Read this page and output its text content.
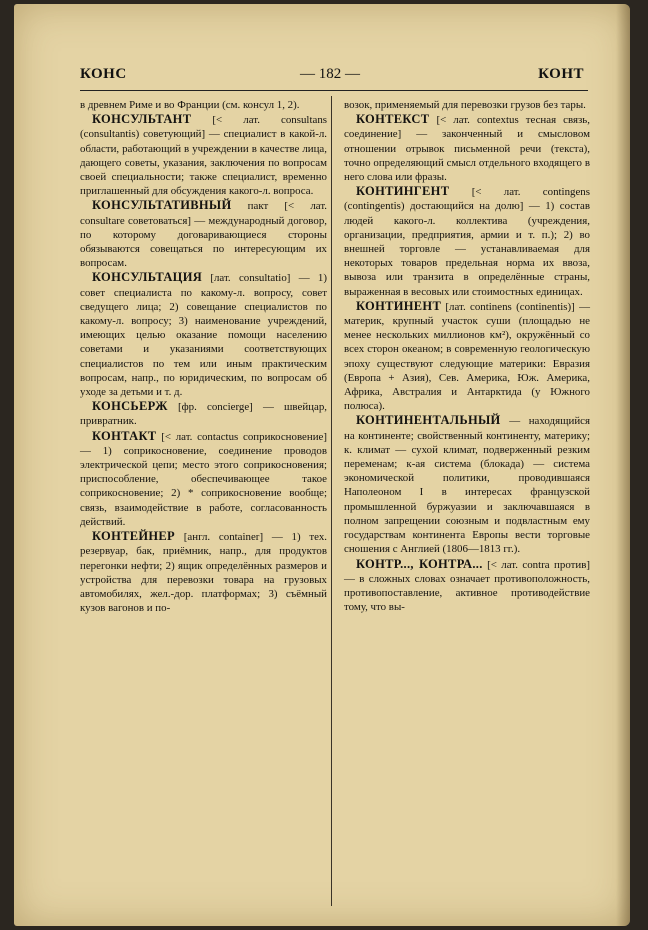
КОНС	— 182 —	КОНТ

в древнем Риме и во Франции (см. консул 1, 2).

КОНСУЛЬТАНТ [< лат. consultans (consultantis) советующий] — специалист в какой-л. области, работающий в учреждении в качестве лица, дающего советы, указания, заключения по вопросам своей специальности; также специалист, временно приглашенный для обсуждения какого-л. вопроса.

КОНСУЛЬТАТИВНЫЙ пакт [< лат. consultare советоваться] — международный договор, по которому договаривающиеся стороны обязываются совещаться по интересующим их вопросам.

КОНСУЛЬТАЦИЯ [лат. consultatio] — 1) совет специалиста по какому-л. вопросу, совет сведущего лица; 2) совещание специалистов по какому-л. вопросу; 3) наименование учреждений, имеющих целью оказание помощи населению советами и указаниями соответствующих специалистов по тем или иным практическим вопросам, напр., по юридическим, по вопросам об уходе за детьми и т. д.

КОНСЬЕРЖ [фр. concierge] — швейцар, привратник.

КОНТАКТ [< лат. contactus соприкосновение] — 1) соприкосновение, соединение проводов электрической цепи; место этого соприкосновения; приспособление, обеспечивающее такое соприкосновение; 2) * соприкосновение вообще; связь, взаимодействие в работе, согласованность действий.

КОНТЕЙНЕР [англ. container] — 1) тех. резервуар, бак, приёмник, напр., для продуктов перегонки нефти; 2) ящик определённых размеров и устройства для перевозки товара на грузовых автомобилях, жел.-дор. платформах; 3) съёмный кузов вагонов и по-

возок, применяемый для перевозки грузов без тары.

КОНТЕКСТ [< лат. contextus тесная связь, соединение] — законченный и смысловом отношении отрывок письменной речи (текста), точно определяющий смысл отдельного входящего в него слова или фразы.

КОНТИНГЕНТ [< лат. contingens (contingentis) достающийся на долю] — 1) состав людей какого-л. коллектива (учреждения, организации, предприятия, армии и т. п.); 2) во внешней торговле — устанавливаемая для некоторых товаров предельная норма их ввоза, вывоза или транзита в определённые страны, выраженная в весовых или стоимостных единицах.

КОНТИНЕНТ [лат. continens (continentis)] — материк, крупный участок суши (площадью не менее нескольких миллионов км²), окружённый со всех сторон океаном; в современную геологическую эпоху существуют следующие материки: Евразия (Европа + Азия), Сев. Америка, Юж. Америка, Африка, Австралия и Антарктида (у Южного полюса).

КОНТИНЕНТАЛЬНЫЙ — находящийся на континенте; свойственный континенту, материку; к. климат — сухой климат, подверженный резким переменам; к-ая система (блокада) — система экономической политики, проводившаяся Наполеоном I в интересах французской промышленной буржуазии и заключавшаяся в полном запрещении союзным и подвластным ему государствам континента Европы вести торговые сношения с Англией (1806—1813 гг.).

КОНТР..., КОНТРА... [< лат. contra против] — в сложных словах означает противоположность, противопоставление, активное противодействие тому, что вы-
